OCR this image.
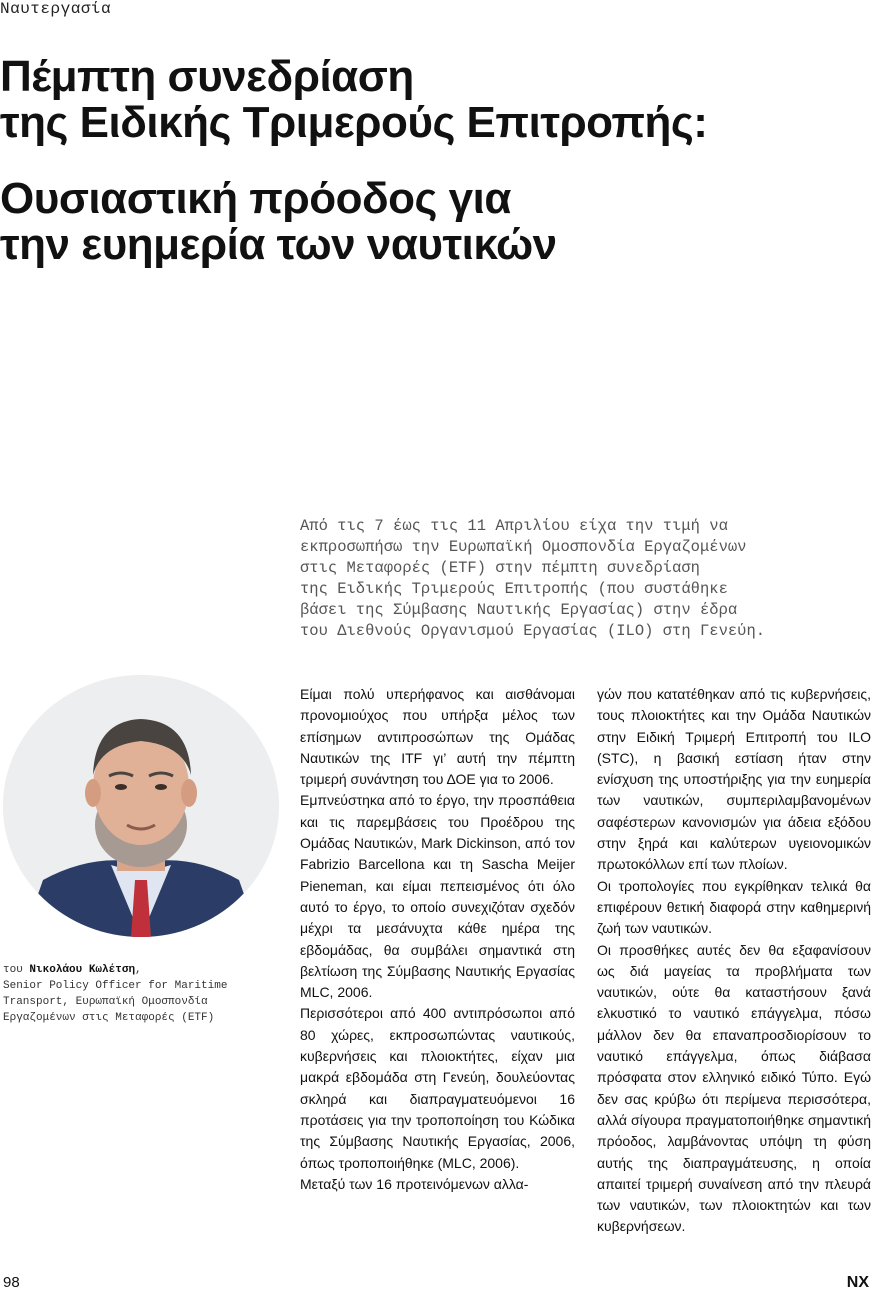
Ναυτεργασία
Πέμπτη συνεδρίαση
της Ειδικής Τριμερούς Επιτροπής:
Ουσιαστική πρόοδος για
την ευημερία των ναυτικών

Από τις 7 έως τις 11 Απριλίου είχα την τιμή να
εκπροσωπήσω την Ευρωπαϊκή Ομοσπονδία Εργαζομένων
στις Μεταφορές (ETF) στην πέμπτη συνεδρίαση
της Ειδικής Τριμερούς Επιτροπής (που συστάθηκε
βάσει της Σύμβασης Ναυτικής Εργασίας) στην έδρα
του Διεθνούς Οργανισμού Εργασίας (ILO) στη Γενεύη.

του Νικολάου Κωλέτση,
Senior Policy Officer for Maritime
Transport, Ευρωπαϊκή Ομοσπονδία
Εργαζομένων στις Μεταφορές (ETF)

Είμαι πολύ υπερήφανος και αισθάνομαι προνομιούχος που υπήρξα μέλος των επίσημων αντιπροσώπων της Ομάδας Ναυτικών της ITF γι’ αυτή την πέμπτη τριμερή συνάντηση του ΔΟΕ για το 2006.

Εμπνεύστηκα από το έργο, την προσπάθεια και τις παρεμβάσεις του Προέδρου της Ομάδας Ναυτικών, Mark Dickinson, από τον Fabrizio Barcellona και τη Sascha Meijer Pieneman, και είμαι πεπεισμένος ότι όλο αυτό το έργο, το οποίο συνεχιζόταν σχεδόν μέχρι τα μεσάνυχτα κάθε ημέρα της εβδομάδας, θα συμβάλει σημαντικά στη βελτίωση της Σύμβασης Ναυτικής Εργασίας MLC, 2006.

Περισσότεροι από 400 αντιπρόσωποι από 80 χώρες, εκπροσωπώντας ναυτικούς, κυβερνήσεις και πλοιοκτήτες, είχαν μια μακρά εβδομάδα στη Γενεύη, δουλεύοντας σκληρά και διαπραγματευόμενοι 16 προτάσεις για την τροποποίηση του Κώδικα της Σύμβασης Ναυτικής Εργασίας, 2006, όπως τροποποιήθηκε (MLC, 2006).

Μεταξύ των 16 προτεινόμενων αλλα-

γών που κατατέθηκαν από τις κυβερνήσεις, τους πλοιοκτήτες και την Ομάδα Ναυτικών στην Ειδική Τριμερή Επιτροπή του ILO (STC), η βασική εστίαση ήταν στην ενίσχυση της υποστήριξης για την ευημερία των ναυτικών, συμπεριλαμβανομένων σαφέστερων κανονισμών για άδεια εξόδου στην ξηρά και καλύτερων υγειονομικών πρωτοκόλλων επί των πλοίων.

Οι τροπολογίες που εγκρίθηκαν τελικά θα επιφέρουν θετική διαφορά στην καθημερινή ζωή των ναυτικών.

Οι προσθήκες αυτές δεν θα εξαφανίσουν ως διά μαγείας τα προβλήματα των ναυτικών, ούτε θα καταστήσουν ξανά ελκυστικό το ναυτικό επάγγελμα, πόσω μάλλον δεν θα επαναπροσδιορίσουν το ναυτικό επάγγελμα, όπως διάβασα πρόσφατα στον ελληνικό ειδικό Τύπο. Εγώ δεν σας κρύβω ότι περίμενα περισσότερα, αλλά σίγουρα πραγματοποιήθηκε σημαντική πρόοδος, λαμβάνοντας υπόψη τη φύση αυτής της διαπραγμάτευσης, η οποία απαιτεί τριμερή συναίνεση από την πλευρά των ναυτικών, των πλοιοκτητών και των κυβερνήσεων.

98	NX
